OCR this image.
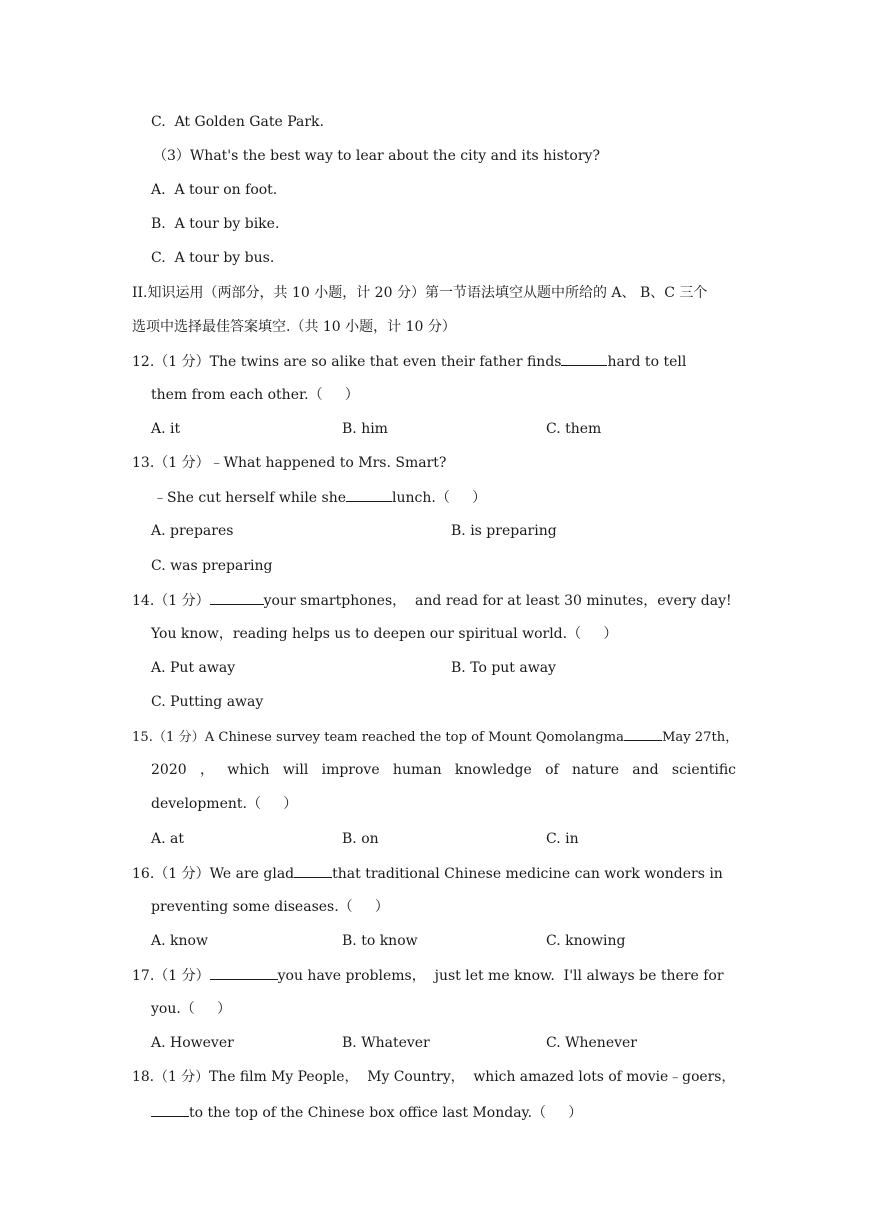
C.  At Golden Gate Park.
（3）What's the best way to lear about the city and its history?
A.  A tour on foot.
B.  A tour by bike.
C.  A tour by bus.
II.知识运用（两部分，共 10 小题，计 20 分）第一节语法填空从题中所给的 A、 B、C 三个
选项中选择最佳答案填空.（共 10 小题，计 10 分）
12.（1 分）The twins are so alike that even their father finds	hard to tell
them from each other.（     ）
A. it	B. him	C. them
13.（1 分）﹣What happened to Mrs. Smart?
﹣She cut herself while she	lunch.（     ）
A. prepares	B. is preparing
C. was preparing
14.（1 分）	your smartphones，  and read for at least 30 minutes，every day!
You know，reading helps us to deepen our spiritual world.（     ）
A. Put away	B. To put away
C. Putting away
15.（1 分）A Chinese survey team reached the top of Mount Qomolangma	May 27th，
2020 ， which will improve human knowledge of nature and scientific
development.（     ）
A. at	B. on	C. in
16.（1 分）We are glad	that traditional Chinese medicine can work wonders in
preventing some diseases.（     ）
A. know	B. to know	C. knowing
17.（1 分）	you have problems，  just let me know.  I'll always be there for
you.（     ）
A. However	B. Whatever	C. Whenever
18.（1 分）The film My People，  My Country，  which amazed lots of movie﹣goers，
to the top of the Chinese box office last Monday.（     ）
